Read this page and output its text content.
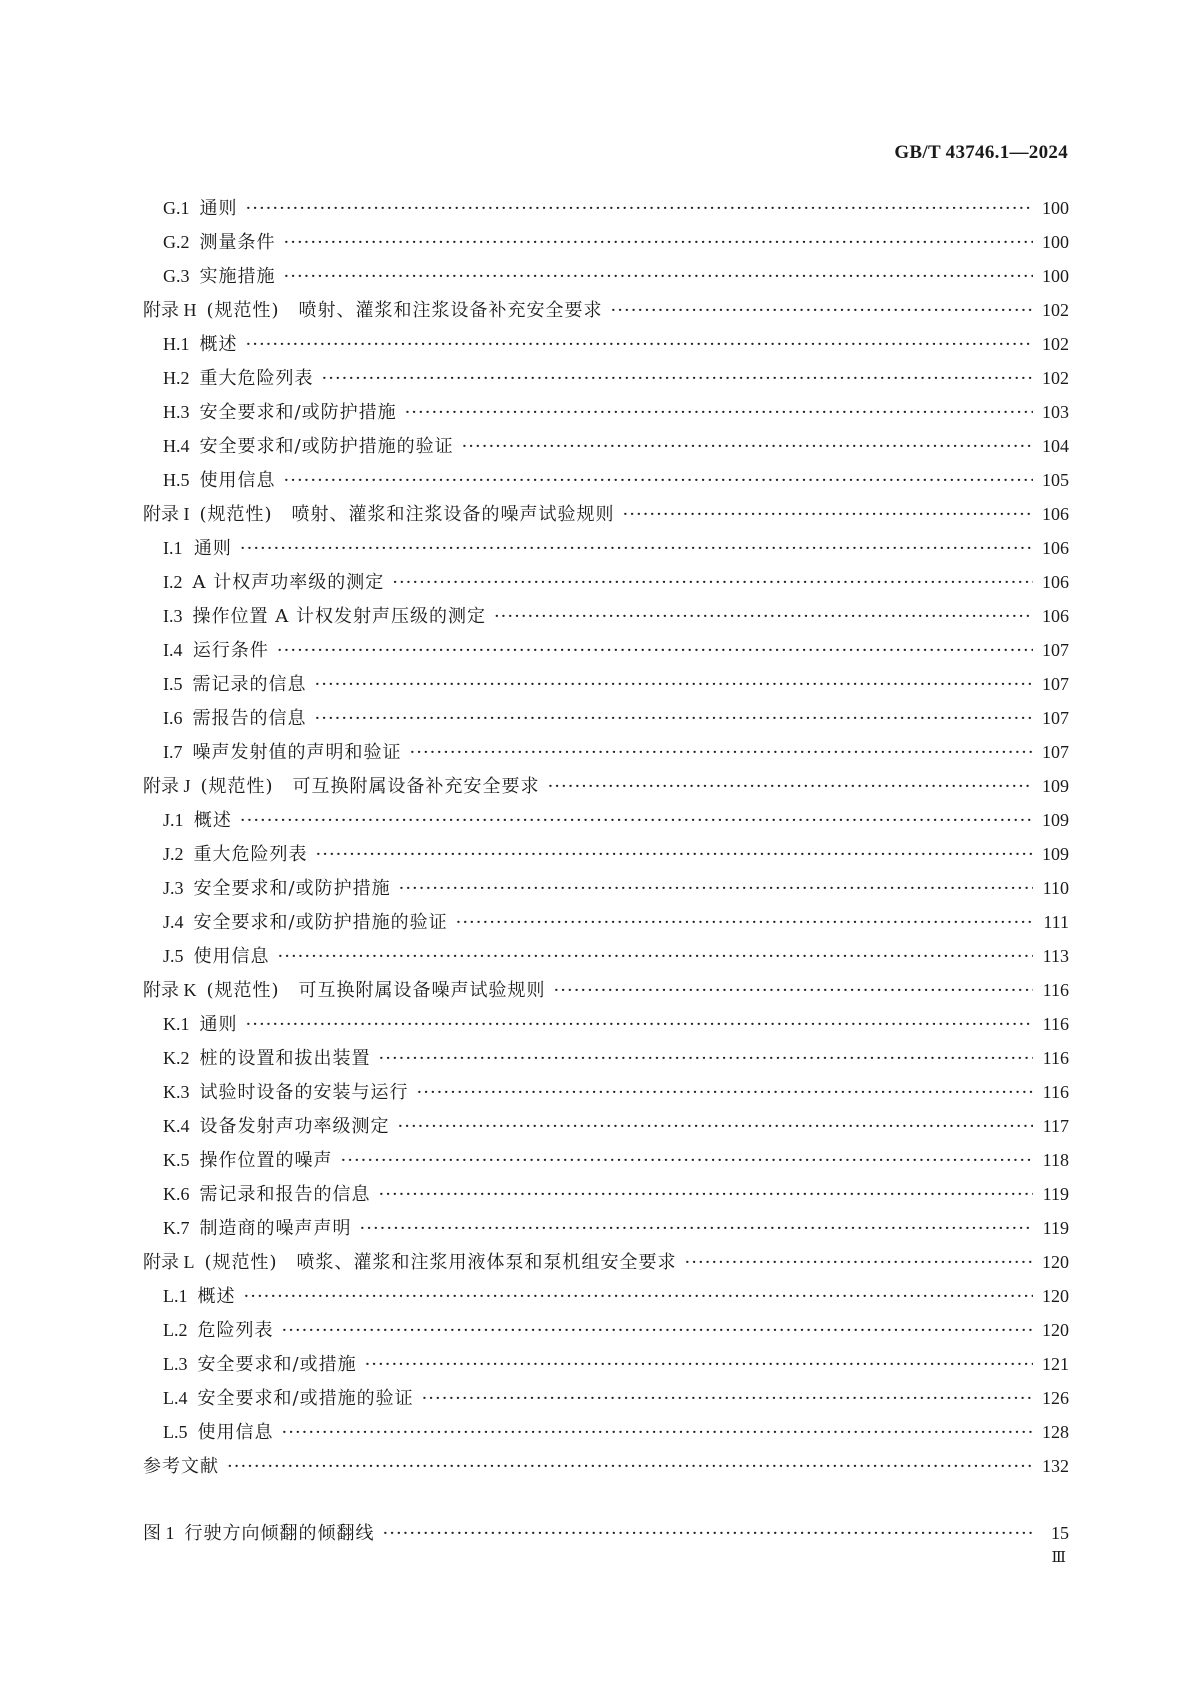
GB/T 43746.1—2024
G.1 通则 ·····	100
G.2 测量条件 ·····	100
G.3 实施措施 ·····	100
附录 H (规范性)　喷射、灌浆和注浆设备补充安全要求 ·····	102
H.1 概述 ·····	102
H.2 重大危险列表 ·····	102
H.3 安全要求和/或防护措施 ·····	103
H.4 安全要求和/或防护措施的验证 ·····	104
H.5 使用信息 ·····	105
附录 I (规范性)　喷射、灌浆和注浆设备的噪声试验规则 ·····	106
I.1 通则 ·····	106
I.2 A 计权声功率级的测定 ·····	106
I.3 操作位置 A 计权发射声压级的测定 ·····	106
I.4 运行条件 ·····	107
I.5 需记录的信息 ·····	107
I.6 需报告的信息 ·····	107
I.7 噪声发射值的声明和验证 ·····	107
附录 J (规范性)　可互换附属设备补充安全要求 ·····	109
J.1 概述 ·····	109
J.2 重大危险列表 ·····	109
J.3 安全要求和/或防护措施 ·····	110
J.4 安全要求和/或防护措施的验证 ·····	111
J.5 使用信息 ·····	113
附录 K (规范性)　可互换附属设备噪声试验规则 ·····	116
K.1 通则 ·····	116
K.2 桩的设置和拔出装置 ·····	116
K.3 试验时设备的安装与运行 ·····	116
K.4 设备发射声功率级测定 ·····	117
K.5 操作位置的噪声 ·····	118
K.6 需记录和报告的信息 ·····	119
K.7 制造商的噪声声明 ·····	119
附录 L (规范性)　喷浆、灌浆和注浆用液体泵和泵机组安全要求 ·····	120
L.1 概述 ·····	120
L.2 危险列表 ·····	120
L.3 安全要求和/或措施 ·····	121
L.4 安全要求和/或措施的验证 ·····	126
L.5 使用信息 ·····	128
参考文献 ·····	132
图 1 行驶方向倾翻的倾翻线 ·····	15
Ⅲ
